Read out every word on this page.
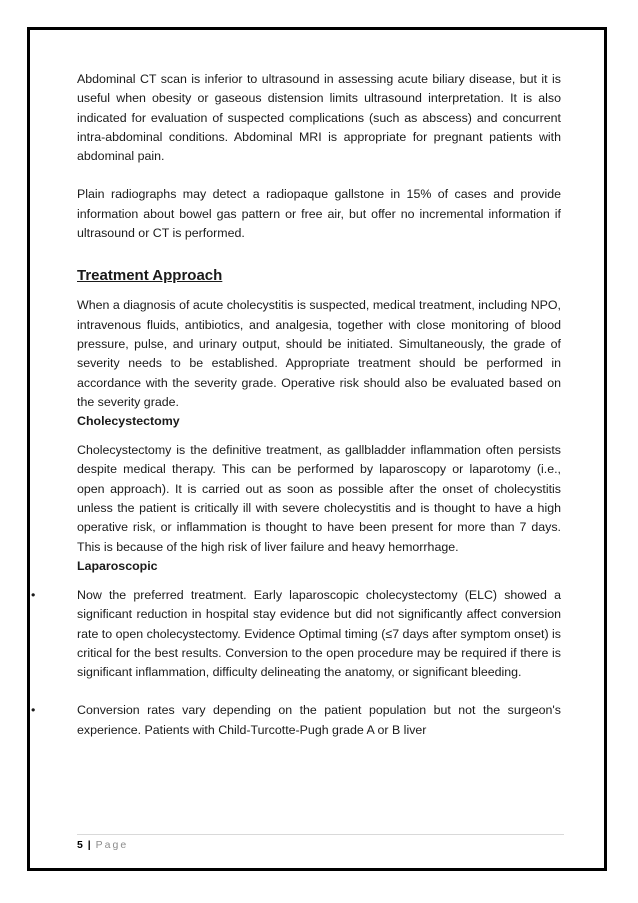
Abdominal CT scan is inferior to ultrasound in assessing acute biliary disease, but it is useful when obesity or gaseous distension limits ultrasound interpretation. It is also indicated for evaluation of suspected complications (such as abscess) and concurrent intra-abdominal conditions. Abdominal MRI is appropriate for pregnant patients with abdominal pain.

Plain radiographs may detect a radiopaque gallstone in 15% of cases and provide information about bowel gas pattern or free air, but offer no incremental information if ultrasound or CT is performed.

Treatment Approach

When a diagnosis of acute cholecystitis is suspected, medical treatment, including NPO, intravenous fluids, antibiotics, and analgesia, together with close monitoring of blood pressure, pulse, and urinary output, should be initiated. Simultaneously, the grade of severity needs to be established. Appropriate treatment should be performed in accordance with the severity grade. Operative risk should also be evaluated based on the severity grade.

Cholecystectomy

Cholecystectomy is the definitive treatment, as gallbladder inflammation often persists despite medical therapy. This can be performed by laparoscopy or laparotomy (i.e., open approach). It is carried out as soon as possible after the onset of cholecystitis unless the patient is critically ill with severe cholecystitis and is thought to have a high operative risk, or inflammation is thought to have been present for more than 7 days. This is because of the high risk of liver failure and heavy hemorrhage.

Laparoscopic
•	Now the preferred treatment. Early laparoscopic cholecystectomy (ELC) showed a significant reduction in hospital stay evidence but did not significantly affect conversion rate to open cholecystectomy. Evidence Optimal timing (≤7 days after symptom onset) is critical for the best results. Conversion to the open procedure may be required if there is significant inflammation, difficulty delineating the anatomy, or significant bleeding.

•	Conversion rates vary depending on the patient population but not the surgeon's experience. Patients with Child-Turcotte-Pugh grade A or B liver

5 | Page
